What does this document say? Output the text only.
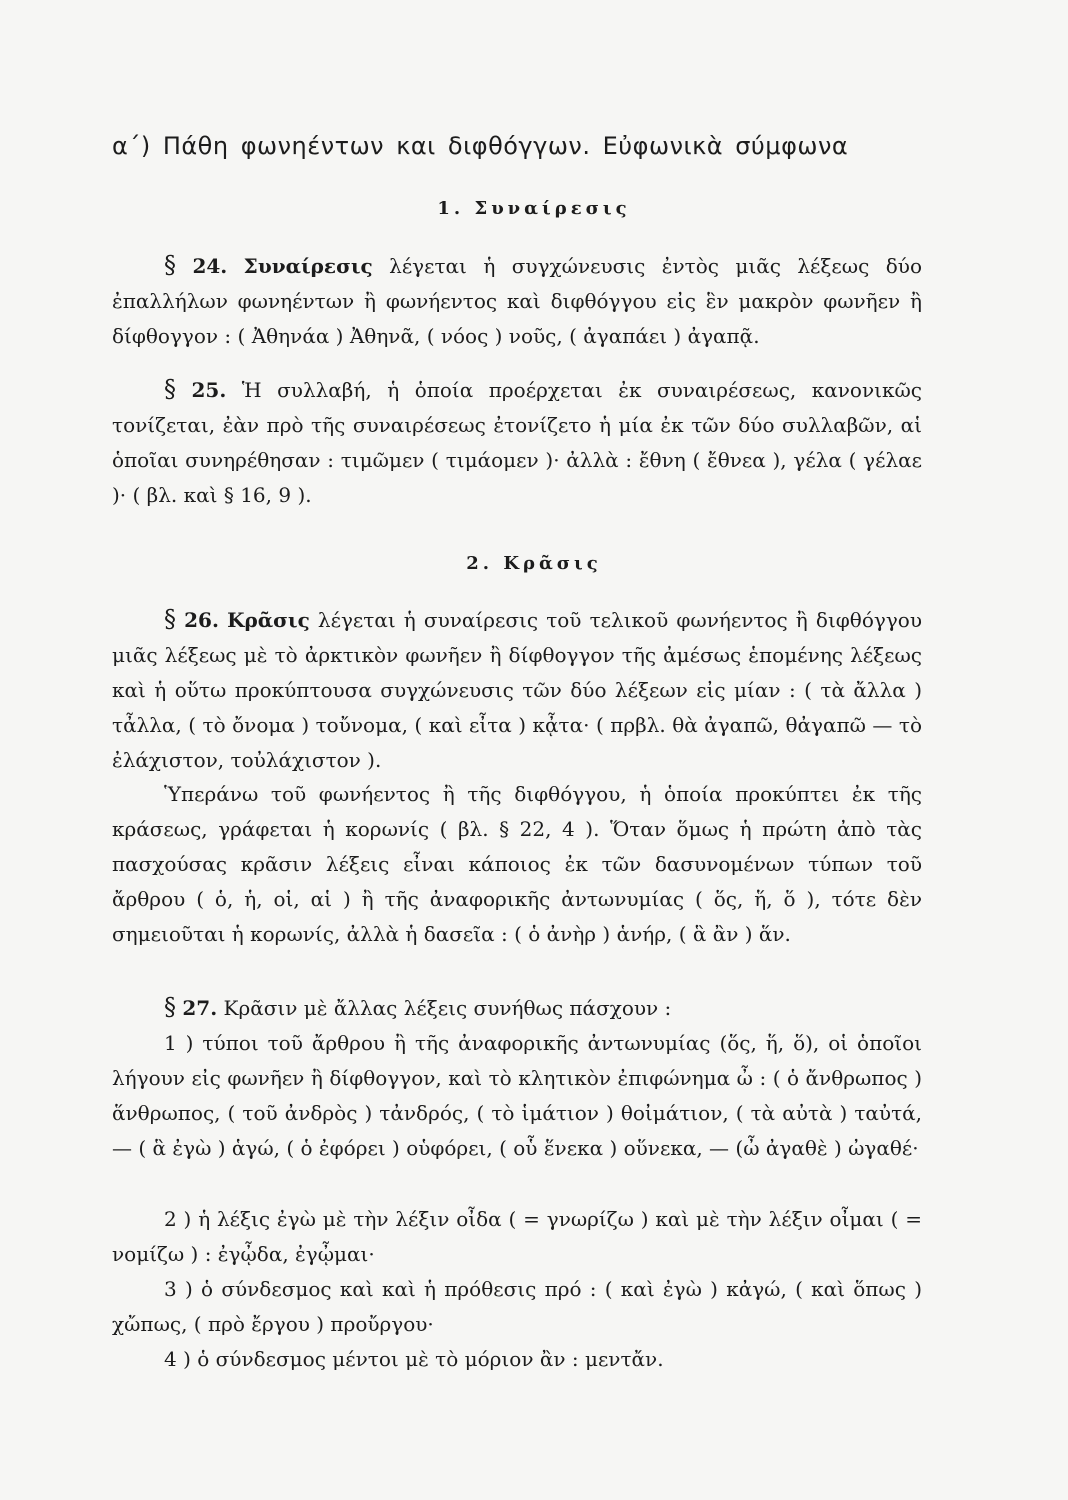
α΄) Πάθη φωνηέντων και διφθόγγων. Εὐφωνικὰ σύμφωνα
1. Συναίρεσις
§ 24. Συναίρεσις λέγεται ἡ συγχώνευσις ἐντὸς μιᾶς λέξεως δύο ἐπαλλήλων φωνηέντων ἢ φωνήεντος καὶ διφθόγγου εἰς ἓν μακρὸν φωνῆεν ἢ δίφθογγον : ( Ἀθηνάα ) Ἀθηνᾶ, ( νόος ) νοῦς, ( ἀγαπάει ) ἀγαπᾷ.
§ 25. Ἡ συλλαβή, ἡ ὁποία προέρχεται ἐκ συναιρέσεως, κανονικῶς τονίζεται, ἐὰν πρὸ τῆς συναιρέσεως ἐτονίζετο ἡ μία ἐκ τῶν δύο συλλαβῶν, αἱ ὁποῖαι συνηρέθησαν : τιμῶμεν ( τιμάομεν )· ἀλλὰ : ἔθνη ( ἔθνεα ), γέλα ( γέλαε )· ( βλ. καὶ § 16, 9 ).
2. Κρᾶσις
§ 26. Κρᾶσις λέγεται ἡ συναίρεσις τοῦ τελικοῦ φωνήεντος ἢ διφθόγγου μιᾶς λέξεως μὲ τὸ ἀρκτικὸν φωνῆεν ἢ δίφθογγον τῆς ἀμέσως ἑπομένης λέξεως καὶ ἡ οὕτω προκύπτουσα συγχώνευσις τῶν δύο λέξεων εἰς μίαν : ( τὰ ἄλλα ) τἆλλα, ( τὸ ὄνομα ) τοὔνομα, ( καὶ εἶτα ) κᾆτα· ( πρβλ. θὰ ἀγαπῶ, θἀγαπῶ — τὸ ἐλάχιστον, τοὐλάχιστον ).
Ὑπεράνω τοῦ φωνήεντος ἢ τῆς διφθόγγου, ἡ ὁποία προκύπτει ἐκ τῆς κράσεως, γράφεται ἡ κορωνίς ( βλ. § 22, 4 ). Ὅταν ὅμως ἡ πρώτη ἀπὸ τὰς πασχούσας κρᾶσιν λέξεις εἶναι κάποιος ἐκ τῶν δασυνομένων τύπων τοῦ ἄρθρου ( ὁ, ἡ, οἱ, αἱ ) ἢ τῆς ἀναφορικῆς ἀντωνυμίας ( ὅς, ἥ, ὅ ), τότε δὲν σημειοῦται ἡ κορωνίς, ἀλλὰ ἡ δασεῖα : ( ὁ ἀνὴρ ) ἁνήρ, ( ἃ ἂν ) ἅν.
§ 27. Κρᾶσιν μὲ ἄλλας λέξεις συνήθως πάσχουν :
1 ) τύποι τοῦ ἄρθρου ἢ τῆς ἀναφορικῆς ἀντωνυμίας (ὅς, ἥ, ὅ), οἱ ὁποῖοι λήγουν εἰς φωνῆεν ἢ δίφθογγον, καὶ τὸ κλητικὸν ἐπιφώνημα ὦ : ( ὁ ἄνθρωπος ) ἅνθρωπος, ( τοῦ ἀνδρὸς ) τἀνδρός, ( τὸ ἱμάτιον ) θοἰμάτιον, ( τὰ αὐτὰ ) ταὐτά, — ( ἃ ἐγὼ ) ἁγώ, ( ὁ ἐφόρει ) οὑφόρει, ( οὗ ἕνεκα ) οὕνεκα, — (ὦ ἀγαθὲ ) ὠγαθέ·
2 ) ἡ λέξις ἐγὼ μὲ τὴν λέξιν οἶδα ( = γνωρίζω ) καὶ μὲ τὴν λέξιν οἶμαι ( = νομίζω ) : ἐγᾦδα, ἐγᾦμαι·
3 ) ὁ σύνδεσμος καὶ καὶ ἡ πρόθεσις πρό : ( καὶ ἐγὼ ) κἀγώ, ( καὶ ὅπως ) χὤπως, ( πρὸ ἔργου ) προὔργου·
4 ) ὁ σύνδεσμος μέντοι μὲ τὸ μόριον ἂν : μεντἄν.
